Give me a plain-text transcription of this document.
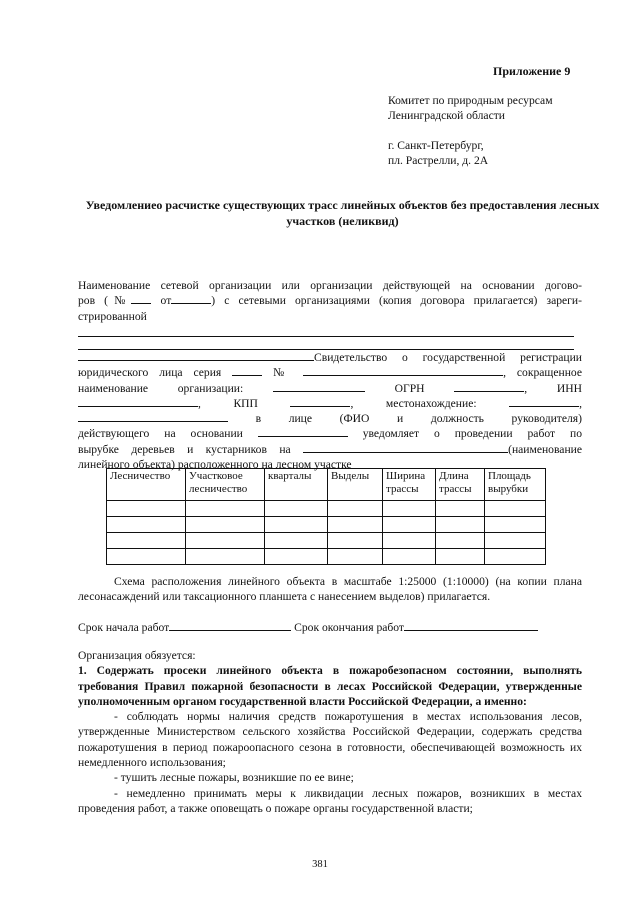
Приложение 9
Комитет по природным ресурсам
Ленинградской области
г. Санкт-Петербург,
пл. Растрелли, д. 2А
Уведомлениео расчистке существующих трасс линейных объектов без предоставления лесных участков (неликвид)
Наименование сетевой организации или организации действующей на основании догово-
ров (№	от	) с сетевыми организациями (копия договора прилагается) зареги-
стрированной
Свидетельство о государственной регистрации
юридического лица серия	№	, сокращенное
наименование организации:	ОГРН	, ИНН
, КПП	, местонахождение:	,
в лице (ФИО и должность руководителя)
действующего на основании	уведомляет о проведении работ по
вырубке деревьев и кустарников на	(наименование
линейного объекта) расположенного на лесном участке
Лесничество	Участковое лесничество	кварталы	Выделы	Ширина трассы	Длина трассы	Площадь вырубки

Схема расположения линейного объекта в масштабе 1:25000 (1:10000) (на копии плана лесонасаждений или таксационного планшета с нанесением выделов) прилагается.
Срок начала работ	Срок окончания работ
Организация обязуется:
1. Содержать просеки линейного объекта в пожаробезопасном состоянии, выполнять требования Правил пожарной безопасности в лесах Российской Федерации, утвержденные уполномоченным органом государственной власти Российской Федерации, а именно:
- соблюдать нормы наличия средств пожаротушения в местах использования лесов, утвержденные Министерством сельского хозяйства Российской Федерации, содержать средства пожаротушения в период пожароопасного сезона в готовности, обеспечивающей возможность их немедленного использования;
- тушить лесные пожары, возникшие по ее вине;
- немедленно принимать меры к ликвидации лесных пожаров, возникших в местах проведения работ, а также оповещать о пожаре органы государственной власти;
381
